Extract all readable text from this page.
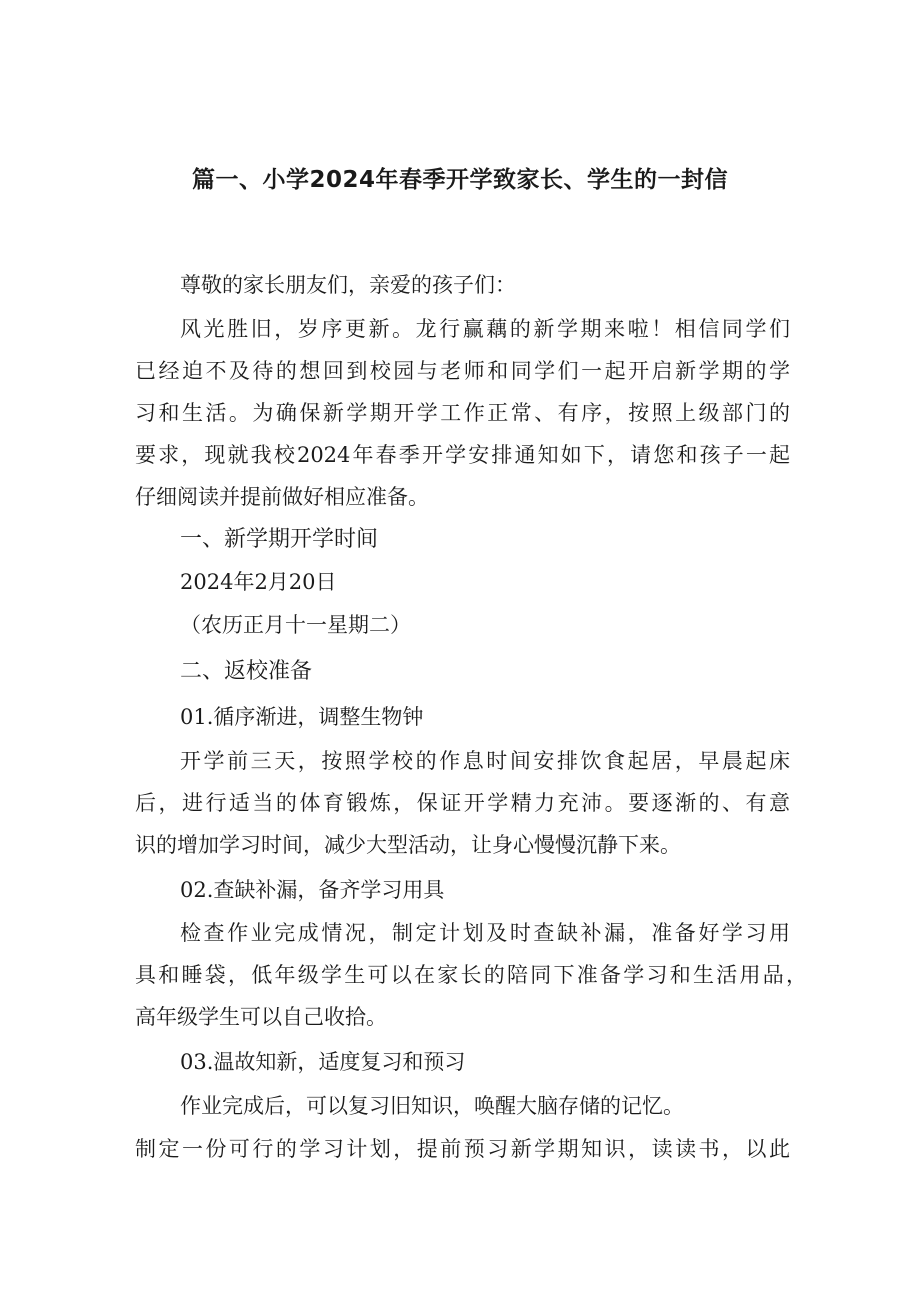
篇一、小学2024年春季开学致家长、学生的一封信
尊敬的家长朋友们，亲爱的孩子们：
风光胜旧，岁序更新。龙行赢藕的新学期来啦！相信同学们
已经迫不及待的想回到校园与老师和同学们一起开启新学期的学
习和生活。为确保新学期开学工作正常、有序，按照上级部门的
要求，现就我校2024年春季开学安排通知如下，请您和孩子一起
仔细阅读并提前做好相应准备。
一、新学期开学时间
2024年2月20日
（农历正月十一星期二）
二、返校准备
01.循序渐进，调整生物钟
开学前三天，按照学校的作息时间安排饮食起居，早晨起床
后，进行适当的体育锻炼，保证开学精力充沛。要逐渐的、有意
识的增加学习时间，减少大型活动，让身心慢慢沉静下来。
02.查缺补漏，备齐学习用具
检查作业完成情况，制定计划及时查缺补漏，准备好学习用
具和睡袋，低年级学生可以在家长的陪同下准备学习和生活用品，
高年级学生可以自己收拾。
03.温故知新，适度复习和预习
作业完成后，可以复习旧知识，唤醒大脑存储的记忆。
制定一份可行的学习计划，提前预习新学期知识，读读书，以此
